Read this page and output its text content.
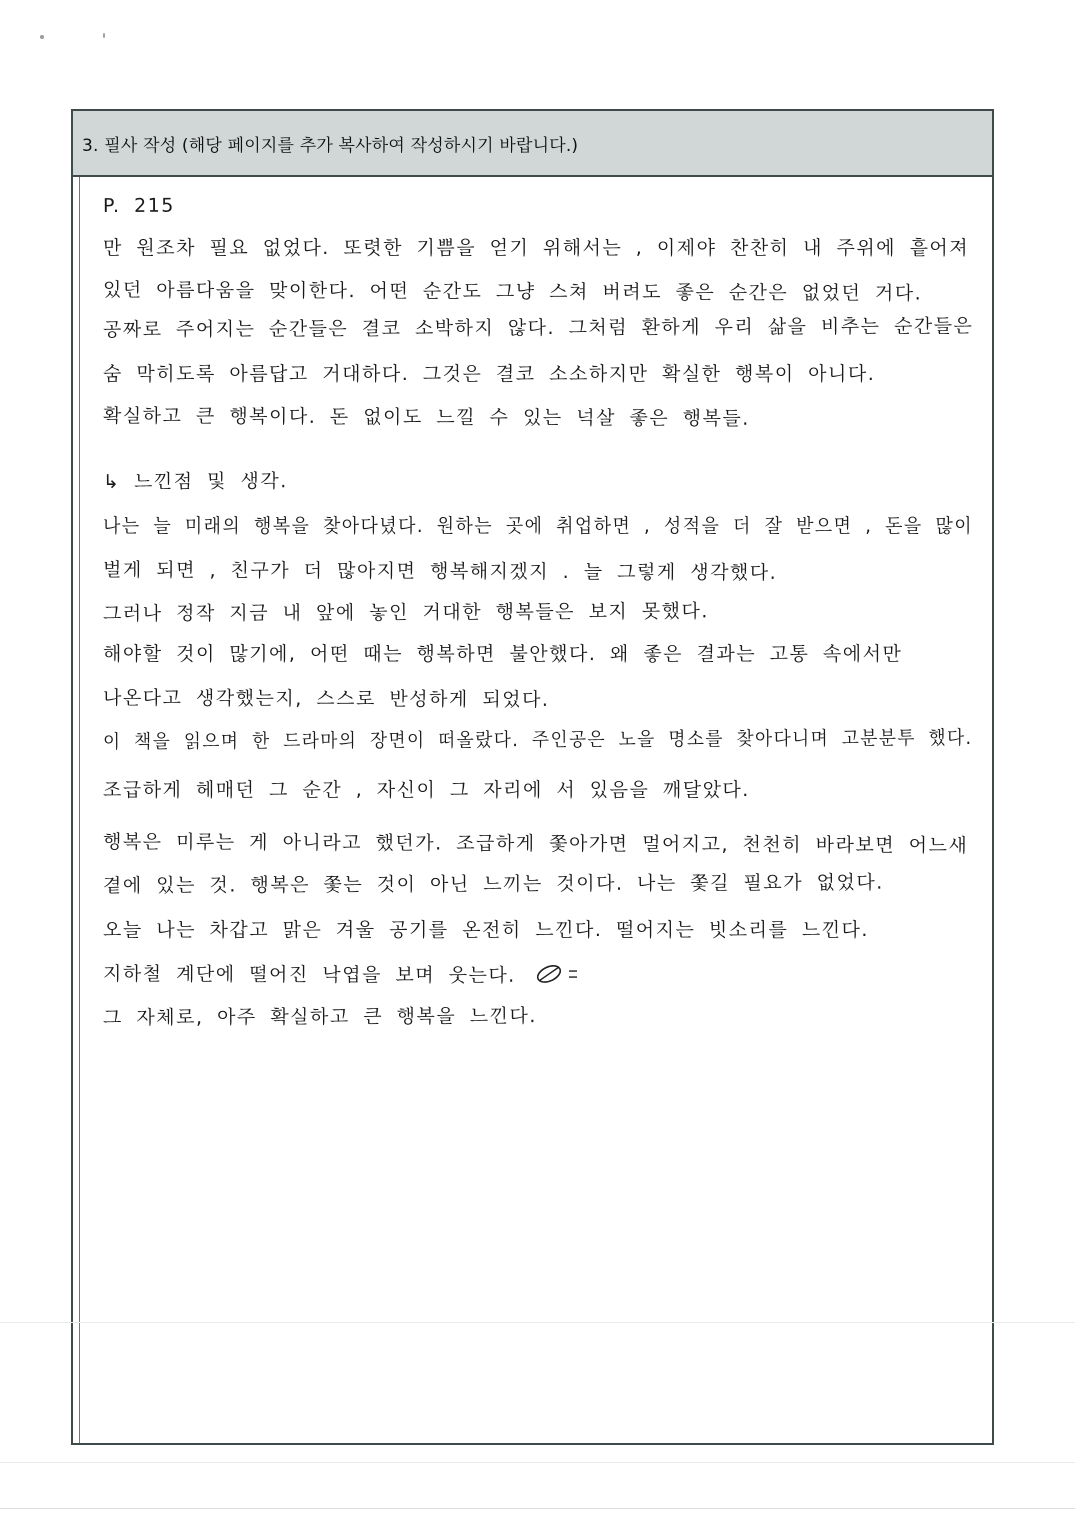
3. 필사 작성 (해당 페이지를 추가 복사하여 작성하시기 바랍니다.)
P. 215
만 원조차 필요 없었다. 또렷한 기쁨을 얻기 위해서는 , 이제야 찬찬히 내 주위에 흩어져
있던 아름다움을 맞이한다. 어떤 순간도 그냥 스쳐 버려도 좋은 순간은 없었던 거다.
공짜로 주어지는 순간들은 결코 소박하지 않다. 그처럼 환하게 우리 삶을 비추는 순간들은
숨 막히도록 아름답고 거대하다. 그것은 결코 소소하지만 확실한 행복이 아니다.
확실하고 큰 행복이다. 돈 없이도 느낄 수 있는 넉살 좋은 행복들.
↳ 느낀점 및 생각.
나는 늘 미래의 행복을 찾아다녔다. 원하는 곳에 취업하면 , 성적을 더 잘 받으면 , 돈을 많이
벌게 되면 , 친구가 더 많아지면 행복해지겠지 . 늘 그렇게 생각했다.
그러나 정작 지금 내 앞에 놓인 거대한 행복들은 보지 못했다.
해야할 것이 많기에, 어떤 때는 행복하면 불안했다. 왜 좋은 결과는 고통 속에서만
나온다고 생각했는지, 스스로 반성하게 되었다.
이 책을 읽으며 한 드라마의 장면이 떠올랐다. 주인공은 노을 명소를 찾아다니며 고분분투 했다.
조급하게 헤매던 그 순간 , 자신이 그 자리에 서 있음을 깨달았다.
행복은 미루는 게 아니라고 했던가. 조급하게 쫓아가면 멀어지고, 천천히 바라보면 어느새
곁에 있는 것. 행복은 쫓는 것이 아닌 느끼는 것이다. 나는 쫓길 필요가 없었다.
오늘 나는 차갑고 맑은 겨울 공기를 온전히 느낀다. 떨어지는 빗소리를 느낀다.
지하철 계단에 떨어진 낙엽을 보며 웃는다.
그 자체로, 아주 확실하고 큰 행복을 느낀다.
